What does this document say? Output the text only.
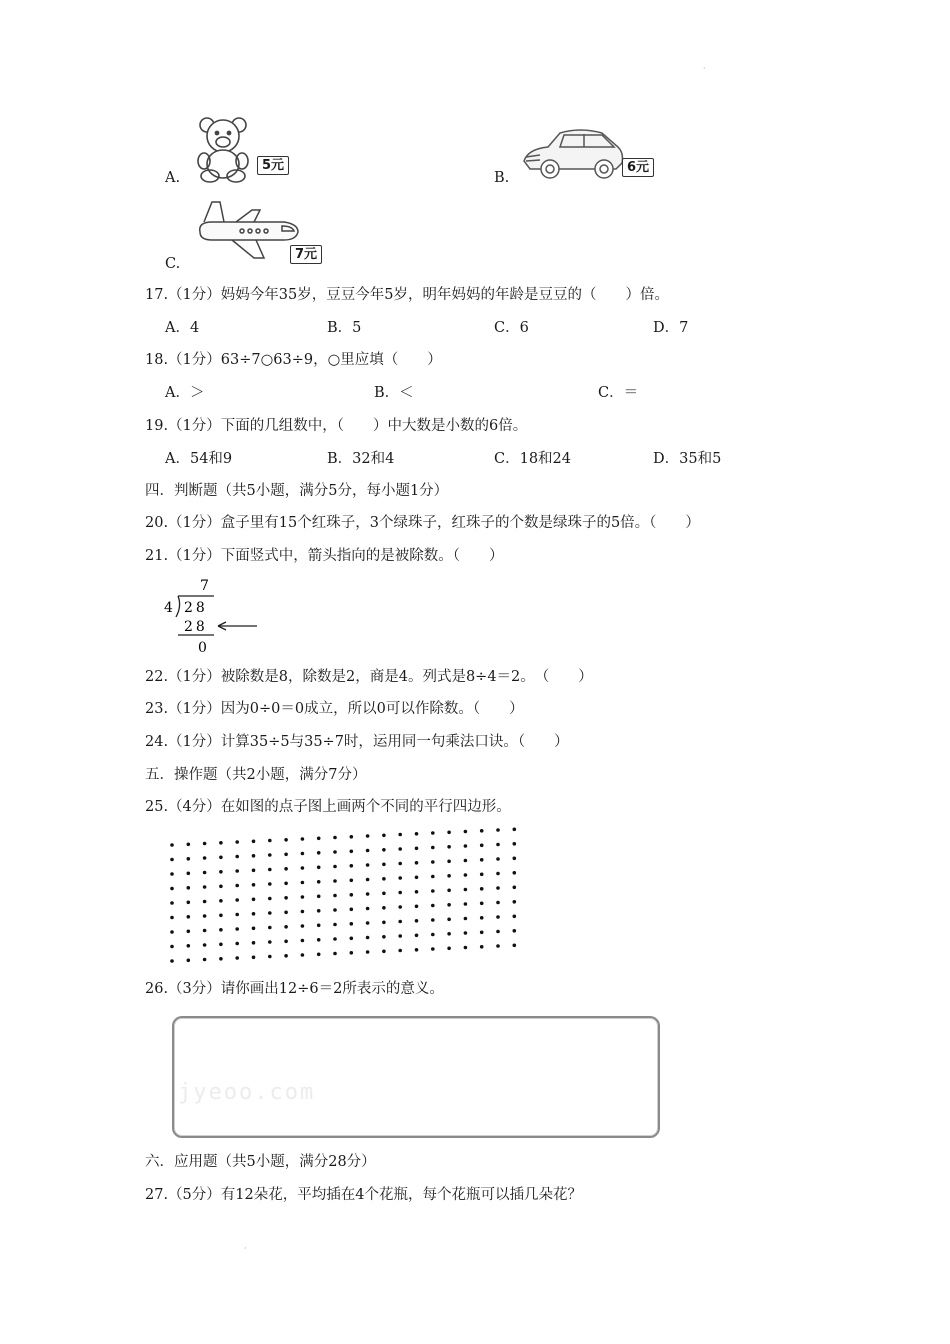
·
5元
A.
6元
B.
7元
C.
17.（1分）妈妈今年35岁，豆豆今年5岁，明年妈妈的年龄是豆豆的（　　）倍。
A．4	B．5	C．6	D．7
18.（1分）63÷7○63÷9，○里应填（　　）
A．＞	B．＜	C．＝
19.（1分）下面的几组数中，（　　）中大数是小数的6倍。
A．54和9	B．32和4	C．18和24	D．35和5
四．判断题（共5小题，满分5分，每小题1分）
20.（1分）盒子里有15个红珠子，3个绿珠子，红珠子的个数是绿珠子的5倍。（　　）
21.（1分）下面竖式中，箭头指向的是被除数。（　　）
7
4 28
28
0
22.（1分）被除数是8，除数是2，商是4。列式是8÷4＝2。　（　　）
23.（1分）因为0÷0＝0成立，所以0可以作除数。（　　）
24.（1分）计算35÷5与35÷7时，运用同一句乘法口诀。（　　）
五．操作题（共2小题，满分7分）
25.（4分）在如图的点子图上画两个不同的平行四边形。
26.（3分）请你画出12÷6＝2所表示的意义。
jyeoo.com
六．应用题（共5小题，满分28分）
27.（5分）有12朵花，平均插在4个花瓶，每个花瓶可以插几朵花？
·
